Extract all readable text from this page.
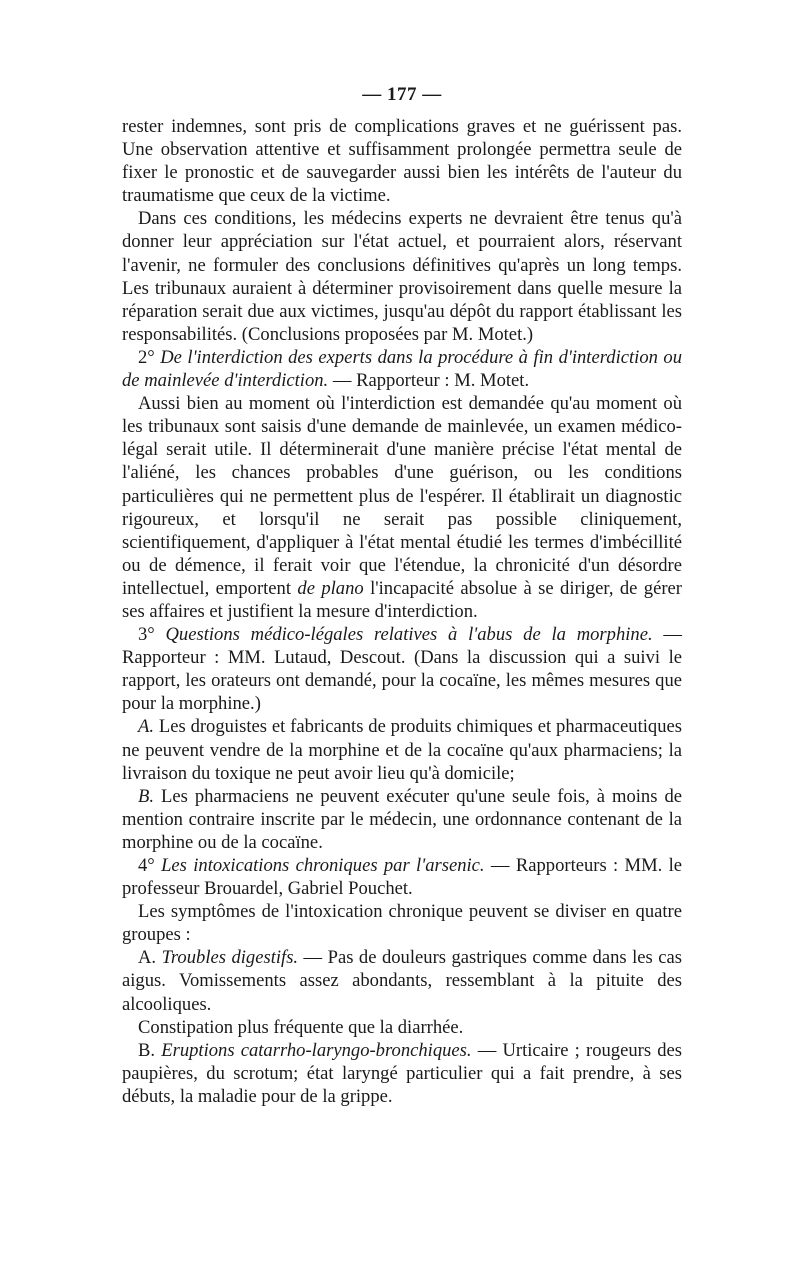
— 177 —

rester indemnes, sont pris de complications graves et ne guérissent pas. Une observation attentive et suffisamment prolongée permettra seule de fixer le pronostic et de sauvegarder aussi bien les intérêts de l'auteur du traumatisme que ceux de la victime.

Dans ces conditions, les médecins experts ne devraient être tenus qu'à donner leur appréciation sur l'état actuel, et pourraient alors, réservant l'avenir, ne formuler des conclusions définitives qu'après un long temps. Les tribunaux auraient à déterminer provisoirement dans quelle mesure la réparation serait due aux victimes, jusqu'au dépôt du rapport établissant les responsabilités. (Conclusions proposées par M. Motet.)

2° De l'interdiction des experts dans la procédure à fin d'interdiction ou de mainlevée d'interdiction. — Rapporteur : M. Motet.

Aussi bien au moment où l'interdiction est demandée qu'au moment où les tribunaux sont saisis d'une demande de mainlevée, un examen médico-légal serait utile. Il déterminerait d'une manière précise l'état mental de l'aliéné, les chances probables d'une guérison, ou les conditions particulières qui ne permettent plus de l'espérer. Il établirait un diagnostic rigoureux, et lorsqu'il ne serait pas possible cliniquement, scientifiquement, d'appliquer à l'état mental étudié les termes d'imbécillité ou de démence, il ferait voir que l'étendue, la chronicité d'un désordre intellectuel, emportent de plano l'incapacité absolue à se diriger, de gérer ses affaires et justifient la mesure d'interdiction.

3° Questions médico-légales relatives à l'abus de la morphine. — Rapporteur : MM. Lutaud, Descout. (Dans la discussion qui a suivi le rapport, les orateurs ont demandé, pour la cocaïne, les mêmes mesures que pour la morphine.)

A. Les droguistes et fabricants de produits chimiques et pharmaceutiques ne peuvent vendre de la morphine et de la cocaïne qu'aux pharmaciens; la livraison du toxique ne peut avoir lieu qu'à domicile;

B. Les pharmaciens ne peuvent exécuter qu'une seule fois, à moins de mention contraire inscrite par le médecin, une ordonnance contenant de la morphine ou de la cocaïne.

4° Les intoxications chroniques par l'arsenic. — Rapporteurs : MM. le professeur Brouardel, Gabriel Pouchet.

Les symptômes de l'intoxication chronique peuvent se diviser en quatre groupes :

A. Troubles digestifs. — Pas de douleurs gastriques comme dans les cas aigus. Vomissements assez abondants, ressemblant à la pituite des alcooliques.

Constipation plus fréquente que la diarrhée.

B. Eruptions catarrho-laryngo-bronchiques. — Urticaire ; rougeurs des paupières, du scrotum; état laryngé particulier qui a fait prendre, à ses débuts, la maladie pour de la grippe.
